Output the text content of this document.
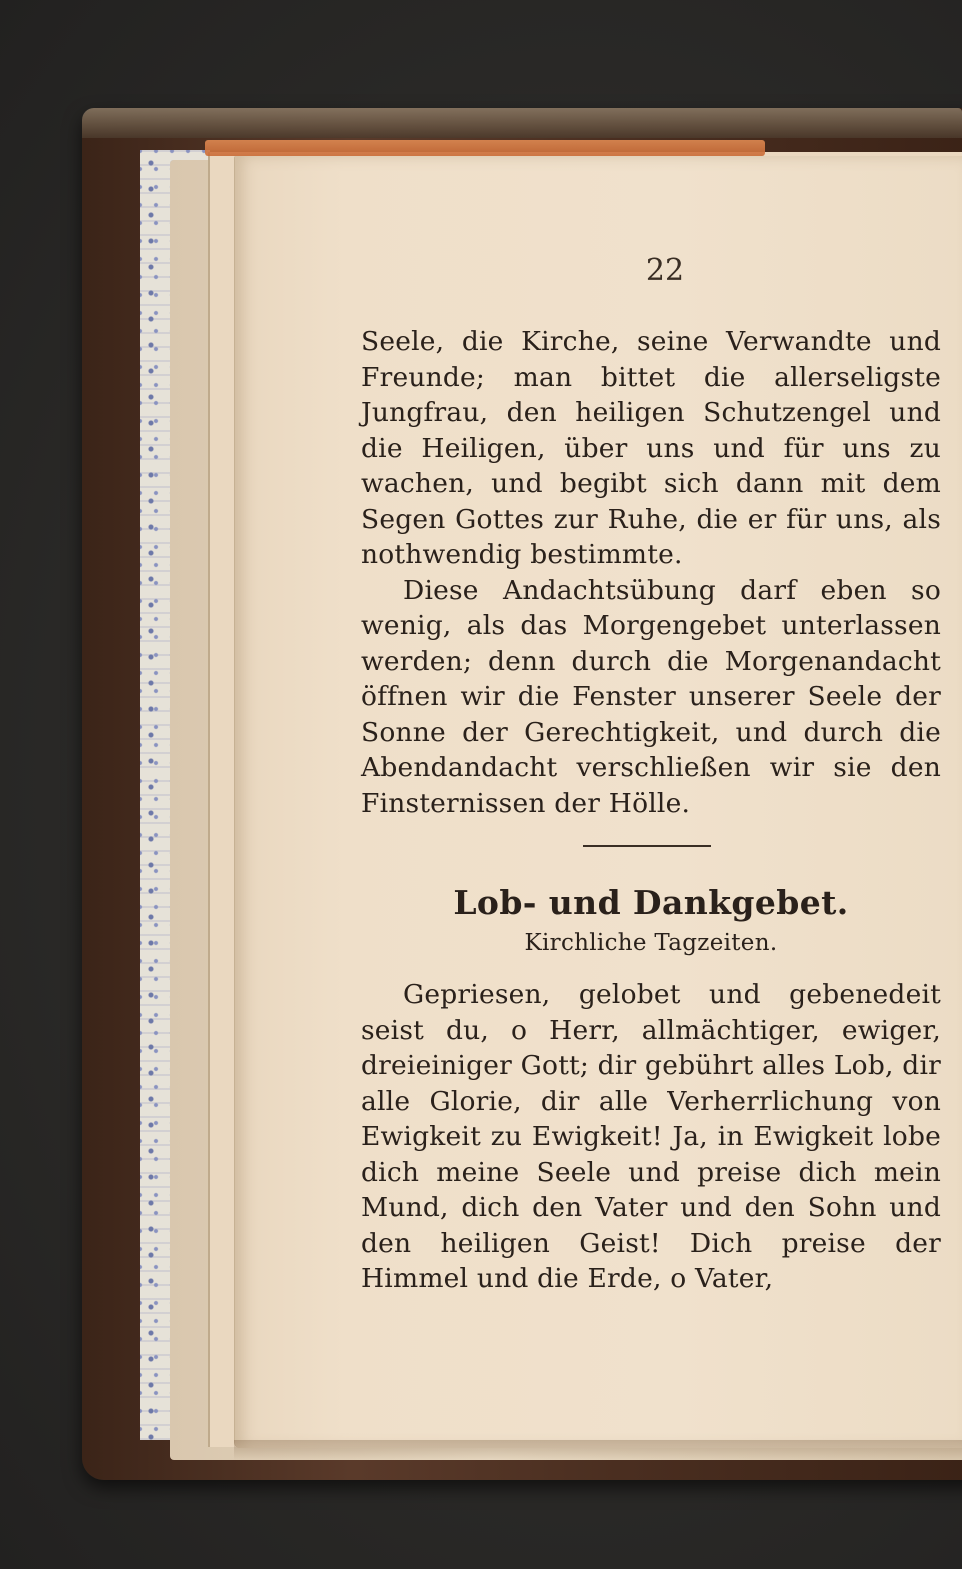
22

Seele, die Kirche, seine Verwandte und Freunde; man bittet die allerseligste Jungfrau, den heiligen Schutzengel und die Heiligen, über uns und für uns zu wachen, und begibt sich dann mit dem Segen Gottes zur Ruhe, die er für uns, als nothwendig bestimmte.

Diese Andachtsübung darf eben so wenig, als das Morgengebet unterlassen werden; denn durch die Morgenandacht öffnen wir die Fenster unserer Seele der Sonne der Gerechtigkeit, und durch die Abendandacht verschließen wir sie den Finsternissen der Hölle.

Lob- und Dankgebet.
Kirchliche Tagzeiten.

Gepriesen, gelobet und gebenedeit seist du, o Herr, allmächtiger, ewiger, dreieiniger Gott; dir gebührt alles Lob, dir alle Glorie, dir alle Verherrlichung von Ewigkeit zu Ewigkeit! Ja, in Ewigkeit lobe dich meine Seele und preise dich mein Mund, dich den Vater und den Sohn und den heiligen Geist! Dich preise der Himmel und die Erde, o Vater,
